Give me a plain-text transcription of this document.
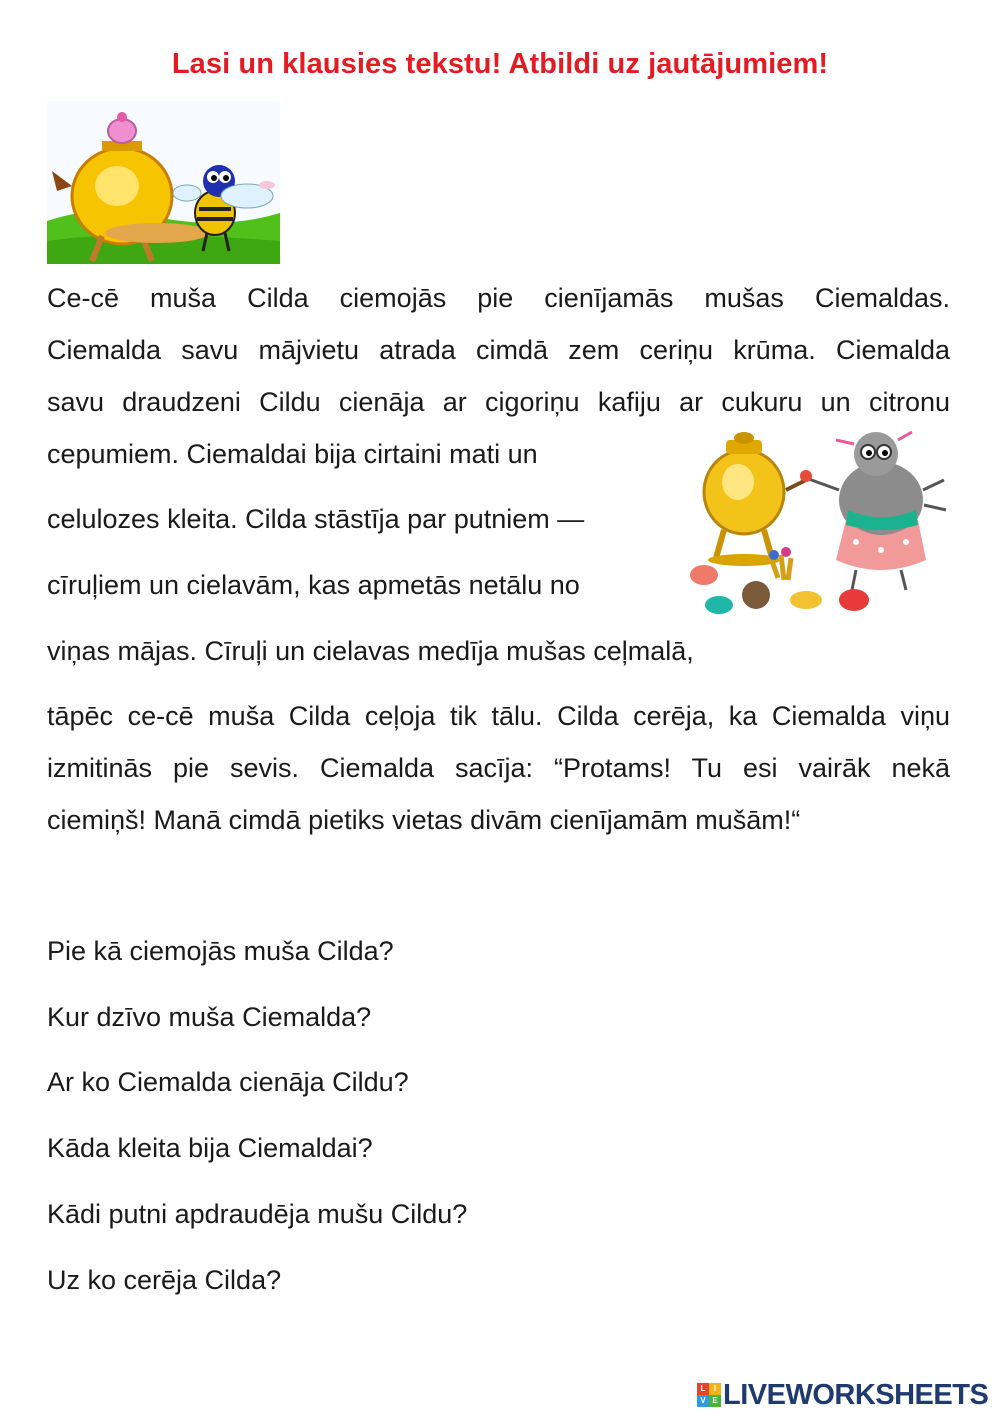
Lasi un klausies tekstu! Atbildi uz jautājumiem!
Ce-cē muša Cilda ciemojās pie cienījamās mušas Ciemaldas.
Ciemalda savu mājvietu atrada cimdā zem ceriņu krūma. Ciemalda
savu draudzeni Cildu cienāja ar cigoriņu kafiju ar cukuru un citronu
cepumiem. Ciemaldai bija cirtaini mati un
celulozes kleita. Cilda stāstīja par putniem —
cīruļiem un cielavām, kas apmetās netālu no
viņas mājas. Cīruļi un cielavas medīja mušas ceļmalā,
tāpēc ce-cē muša Cilda ceļoja tik tālu. Cilda cerēja, ka Ciemalda viņu
izmitinās pie sevis. Ciemalda sacīja: “Protams! Tu esi vairāk nekā
ciemiņš! Manā cimdā pietiks vietas divām cienījamām mušām!“
Pie kā ciemojās muša Cilda?
Kur dzīvo muša Ciemalda?
Ar ko Ciemalda cienāja Cildu?
Kāda kleita bija Ciemaldai?
Kādi putni apdraudēja mušu Cildu?
Uz ko cerēja Cilda?
L	I
V E LIVEWORKSHEETS
